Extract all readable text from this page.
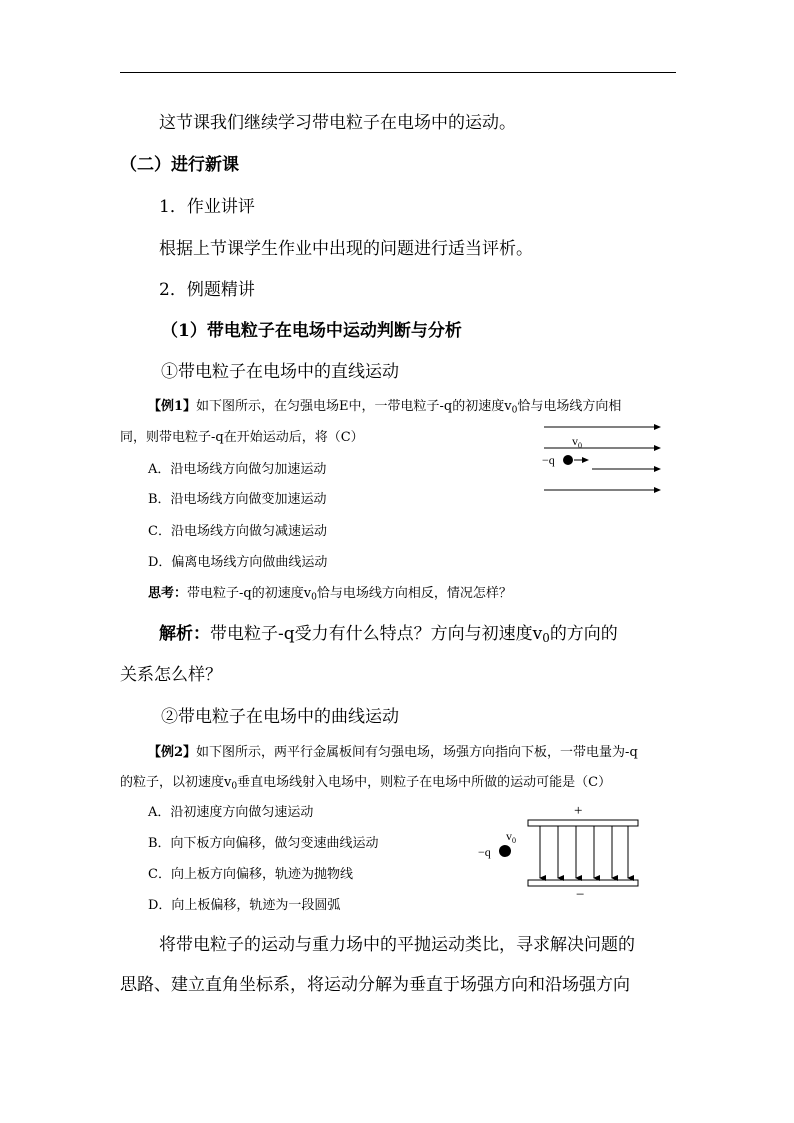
这节课我们继续学习带电粒子在电场中的运动。
（二）进行新课
1．作业讲评
根据上节课学生作业中出现的问题进行适当评析。
2．例题精讲
（1）带电粒子在电场中运动判断与分析
①带电粒子在电场中的直线运动
【例1】如下图所示，在匀强电场E中，一带电粒子-q的初速度$v_0$恰与电场线方向相
同，则带电粒子-q在开始运动后，将（C）
A．沿电场线方向做匀加速运动
B．沿电场线方向做变加速运动
C．沿电场线方向做匀减速运动
D．偏离电场线方向做曲线运动
$v_0$
−q
思考：带电粒子-q的初速度$v_0$恰与电场线方向相反，情况怎样？
解析：带电粒子-q受力有什么特点？方向与初速度$v_0$的方向的
关系怎么样？
②带电粒子在电场中的曲线运动
【例2】如下图所示，两平行金属板间有匀强电场，场强方向指向下板，一带电量为-q
的粒子，以初速度$v_0$垂直电场线射入电场中，则粒子在电场中所做的运动可能是（C）
A．沿初速度方向做匀速运动
B．向下板方向偏移，做匀变速曲线运动
C．向上板方向偏移，轨迹为抛物线
D．向上板偏移，轨迹为一段圆弧
+
−q
$v_0$
−
将带电粒子的运动与重力场中的平抛运动类比，寻求解决问题的
思路、建立直角坐标系，将运动分解为垂直于场强方向和沿场强方向
